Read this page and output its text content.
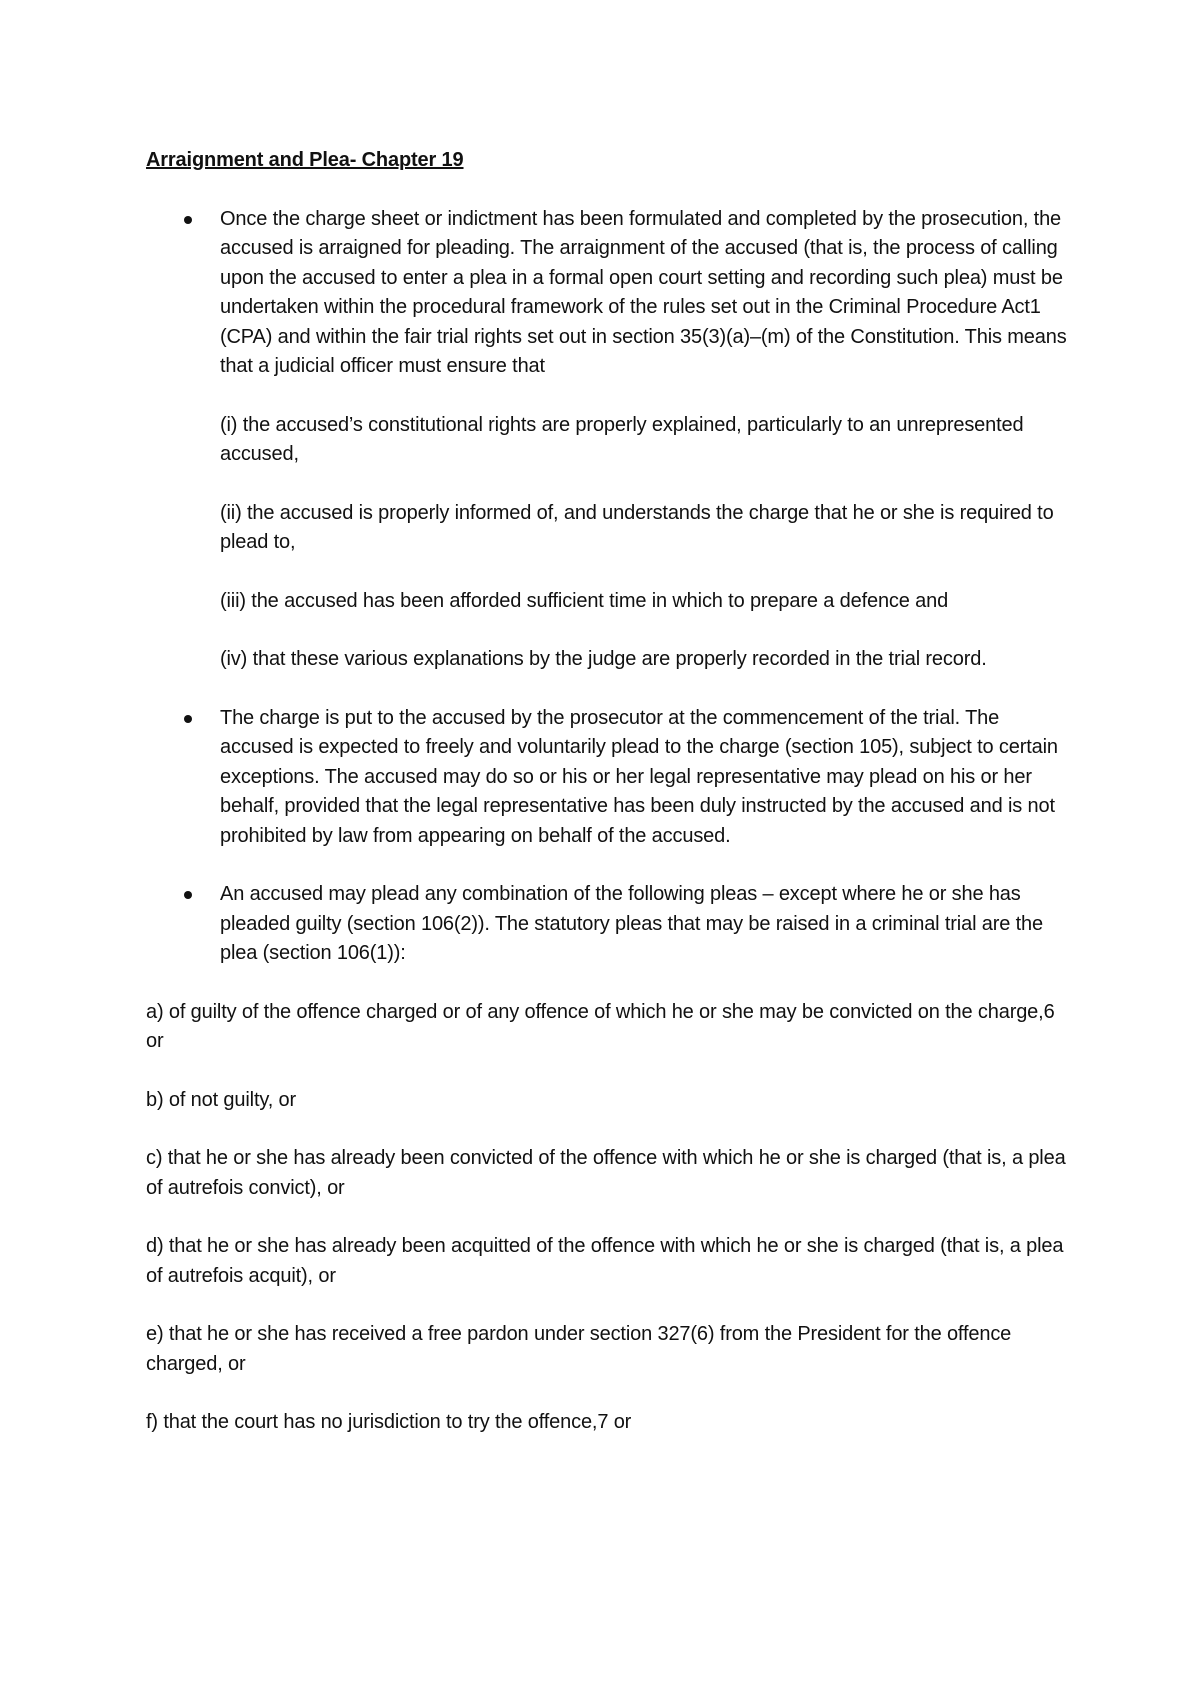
Arraignment and Plea- Chapter 19

Once the charge sheet or indictment has been formulated and completed by the prosecution, the accused is arraigned for pleading. The arraignment of the accused (that is, the process of calling upon the accused to enter a plea in a formal open court setting and recording such plea) must be undertaken within the procedural framework of the rules set out in the Criminal Procedure Act1 (CPA) and within the fair trial rights set out in section 35(3)(a)–(m) of the Constitution. This means that a judicial officer must ensure that

(i) the accused’s constitutional rights are properly explained, particularly to an unrepresented accused,

(ii) the accused is properly informed of, and understands the charge that he or she is required to plead to,

(iii) the accused has been afforded sufficient time in which to prepare a defence and

(iv) that these various explanations by the judge are properly recorded in the trial record.

The charge is put to the accused by the prosecutor at the commencement of the trial. The accused is expected to freely and voluntarily plead to the charge (section 105), subject to certain exceptions. The accused may do so or his or her legal representative may plead on his or her behalf, provided that the legal representative has been duly instructed by the accused and is not prohibited by law from appearing on behalf of the accused.

An accused may plead any combination of the following pleas – except where he or she has pleaded guilty (section 106(2)). The statutory pleas that may be raised in a criminal trial are the plea (section 106(1)):

a) of guilty of the offence charged or of any offence of which he or she may be convicted on the charge,6 or

b) of not guilty, or

c) that he or she has already been convicted of the offence with which he or she is charged (that is, a plea of autrefois convict), or

d) that he or she has already been acquitted of the offence with which he or she is charged (that is, a plea of autrefois acquit), or

e) that he or she has received a free pardon under section 327(6) from the President for the offence charged, or

f) that the court has no jurisdiction to try the offence,7 or
